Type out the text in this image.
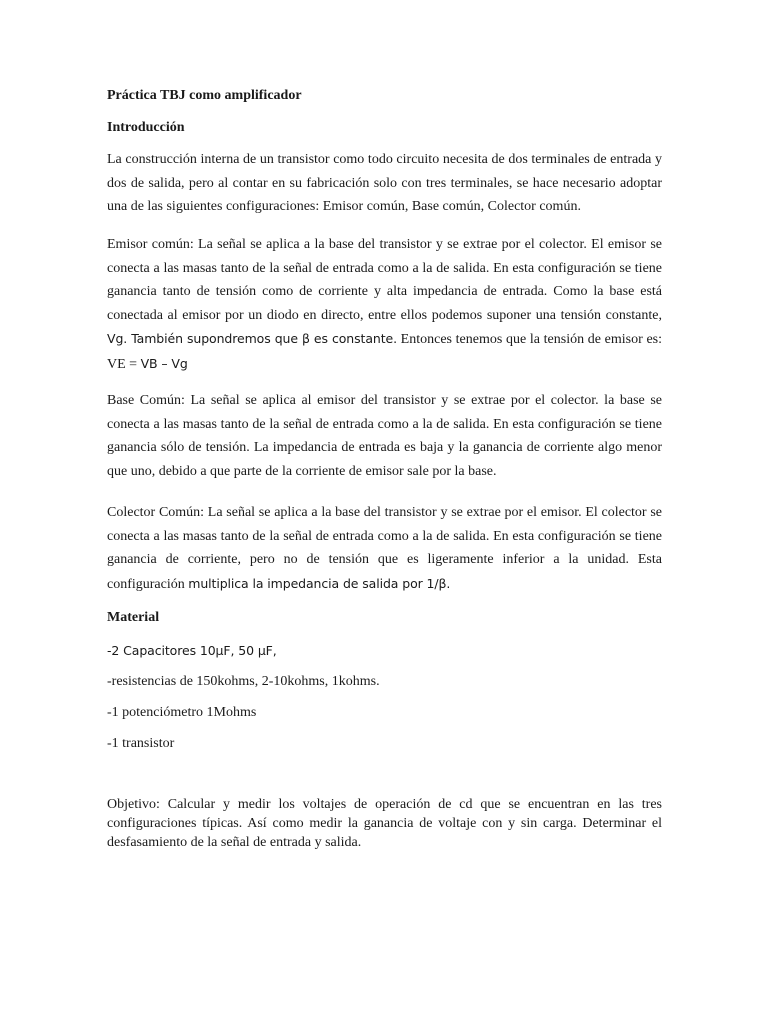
Práctica TBJ como amplificador

Introducción

La construcción interna de un transistor como todo circuito necesita de dos terminales de entrada y dos de salida, pero al contar en su fabricación solo con tres terminales, se hace necesario adoptar una de las siguientes configuraciones: Emisor común, Base común, Colector común.

Emisor común: La señal se aplica a la base del transistor y se extrae por el colector. El emisor se conecta a las masas tanto de la señal de entrada como a la de salida. En esta configuración se tiene ganancia tanto de tensión como de corriente y alta impedancia de entrada. Como la base está conectada al emisor por un diodo en directo, entre ellos podemos suponer una tensión constante, Vg. También supondremos que β es constante. Entonces tenemos que la tensión de emisor es: VE = VB – Vg

Base Común: La señal se aplica al emisor del transistor y se extrae por el colector. la base se conecta a las masas tanto de la señal de entrada como a la de salida. En esta configuración se tiene ganancia sólo de tensión. La impedancia de entrada es baja y la ganancia de corriente algo menor que uno, debido a que parte de la corriente de emisor sale por la base.

Colector Común: La señal se aplica a la base del transistor y se extrae por el emisor. El colector se conecta a las masas tanto de la señal de entrada como a la de salida. En esta configuración se tiene ganancia de corriente, pero no de tensión que es ligeramente inferior a la unidad. Esta configuración multiplica la impedancia de salida por 1/β.

Material

-2 Capacitores 10μF, 50 μF,

-resistencias de 150kohms, 2-10kohms, 1kohms.

-1 potenciómetro 1Mohms

-1 transistor

Objetivo: Calcular y medir los voltajes de operación de cd que se encuentran en las tres configuraciones típicas. Así como medir la ganancia de voltaje con y sin carga. Determinar el desfasamiento de la señal de entrada y salida.
